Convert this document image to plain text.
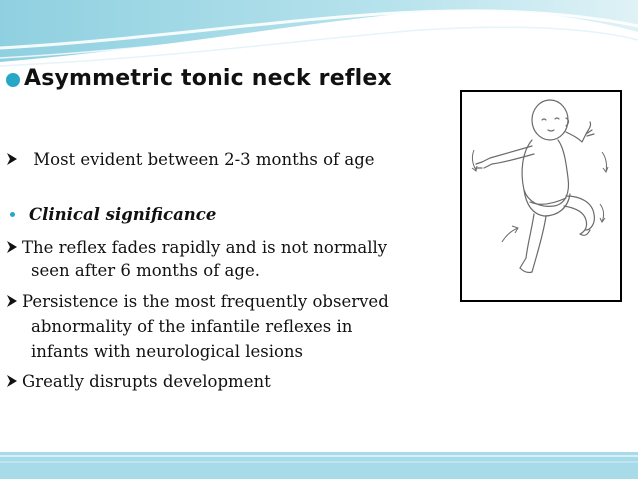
Asymmetric tonic neck reflex
Most evident between 2-3 months of age
Clinical significance
The reflex fades rapidly and is not normally
seen after 6 months of age.
Persistence is the most frequently observed
abnormality of the infantile reflexes in
infants with neurological lesions
Greatly disrupts development
